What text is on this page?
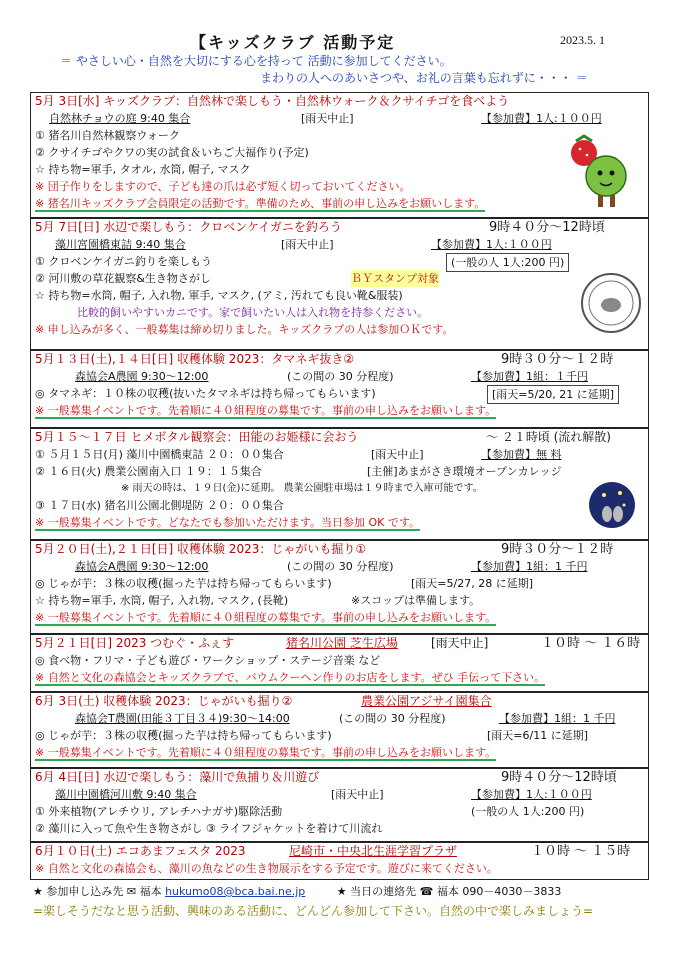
【キッズクラブ 活動予定	2023.5. 1
＝ やさしい心・自然を大切にする心を持って 活動に参加してください。
まわりの人へのあいさつや、お礼の言葉も忘れずに・・・ ＝
5月 3日[水] キッズクラブ：自然林で楽しもう・自然林ウォーク＆クサイチゴを食べよう
自然林チョウの庭 9:40 集合	[雨天中止]	【参加費】1人:１００円
① 猪名川自然林観察ウォーク
② クサイチゴやクワの実の試食＆いちご大福作り(予定)
☆ 持ち物=軍手, タオル, 水筒, 帽子, マスク
※ 団子作りをしますので、子ども達の爪は必ず短く切っておいてください。
※ 猪名川キッズクラブ会員限定の活動です。準備のため、事前の申し込みをお願いします。
5月 7日[日] 水辺で楽しもう：クロベンケイガニを釣ろう	9時４０分～12時頃
藻川宮園橋東詰 9:40 集合	[雨天中止]	【参加費】1人:１００円
① クロベンケイガニ釣りを楽しもう	(一般の人 1人:200 円)
② 河川敷の草花観察&生き物さがし	ＢＹスタンプ対象
☆ 持ち物=水筒, 帽子, 入れ物, 軍手, マスク, (アミ, 汚れても良い靴&服装)
比較的飼いやすいカニです。家で飼いたい人は入れ物を持参ください。
※ 申し込みが多く、一般募集は締め切りました。キッズクラブの人は参加ＯＫです。
5月１３日(土),１４日[日] 収穫体験 2023：タマネギ抜き②	9時３０分～１２時
森協会A農園 9:30～12:00	(この間の 30 分程度)	【参加費】1組：１千円
◎ タマネギ：１０株の収穫(抜いたタマネギは持ち帰ってもらいます)	[雨天=5/20, 21 に延期]
※ 一般募集イベントです。先着順に４０組程度の募集です。事前の申し込みをお願いします。
5月１５～１７日 ヒメボタル観察会：田能のお姫様に会おう	～ ２１時頃 (流れ解散)
① ５月１５日(月) 藻川中園橋東詰 ２０：００集合	[雨天中止]	【参加費】無 料
② １６日(火) 農業公園南入口 １９：１５集合	[主催]あまがさき環境オープンカレッジ
※ 雨天の時は、１９日(金)に延期。 農業公園駐車場は１９時まで入庫可能です。
③ １７日(水) 猪名川公園北側堤防 ２０：００集合
※ 一般募集イベントです。どなたでも参加いただけます。当日参加 OK です。
5月２０日(土),２１日[日] 収穫体験 2023：じゃがいも掘り①	9時３０分～１２時
森協会A農園 9:30～12:00	(この間の 30 分程度)	【参加費】1組：1 千円
◎ じゃが芋：３株の収穫(掘った芋は持ち帰ってもらいます)	[雨天=5/27, 28 に延期]
☆ 持ち物=軍手, 水筒, 帽子, 入れ物, マスク, (長靴)	※スコップは準備します。
※ 一般募集イベントです。先着順に４０組程度の募集です。事前の申し込みをお願いします。
5月２１日[日] 2023 つむぐ・ふぇす	猪名川公園 芝生広場	[雨天中止]	１０時 ～ １６時
◎ 食べ物・フリマ・子ども遊び・ワークショップ・ステージ音楽 など
※ 自然と文化の森協会とキッズクラブで、バウムクーヘン作りのお店をします。ぜひ 手伝って下さい。
6月 3日(土) 収穫体験 2023：じゃがいも掘り②	農業公園アジサイ園集合
森協会T農園(田能３丁目３４)9:30～14:00	(この間の 30 分程度)	【参加費】1組：1 千円
◎ じゃが芋：３株の収穫(掘った芋は持ち帰ってもらいます)	[雨天=6/11 に延期]
※ 一般募集イベントです。先着順に４０組程度の募集です。事前の申し込みをお願いします。
6月 4日[日] 水辺で楽しもう：藻川で魚捕り＆川遊び	9時４０分～12時頃
藻川中園橋河川敷 9:40 集合	[雨天中止]	【参加費】1人:１００円
① 外来植物(アレチウリ, アレチハナガサ)駆除活動	(一般の人 1人:200 円)
② 藻川に入って魚や生き物さがし ③ ライフジャケットを着けて川流れ
6月１０日(土) エコあまフェスタ 2023	尼崎市・中央北生涯学習プラザ	１０時 ～ １５時
※ 自然と文化の森協会も、藻川の魚などの生き物展示をする予定です。遊びに来てください。
★ 参加申し込み先 ✉ 福本 hukumo08@bca.bai.ne.jp	★ 当日の連絡先 ☎ 福本 090－4030－3833
=楽しそうだなと思う活動、興味のある活動に、どんどん参加して下さい。自然の中で楽しみましょう=
